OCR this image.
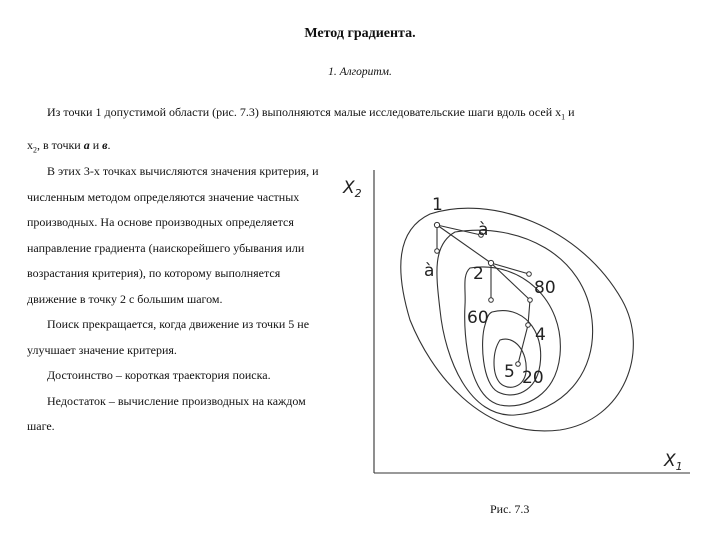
Метод градиента.
1. Алгоритм.

Из точки 1 допустимой области (рис. 7.3) выполняются малые исследовательские шаги вдоль осей $x_1$ и

$x_2$, в точки а и в.

В этих 3-х точках вычисляются значения критерия, и численным методом определяются значение частных производных. На основе производных определяется направление градиента (наискорейшего убывания или возрастания критерия), по которому выполняется движение в точку 2 с большим шагом.

Поиск прекращается, когда движение из точки 5 не улучшает значение критерия.

Достоинство – короткая траектория поиска.

Недостаток – вычисление производных на каждом шаге.

$X_2$
$X_1$
1
à
à 2
80
60
4
5 20
Рис. 7.3
